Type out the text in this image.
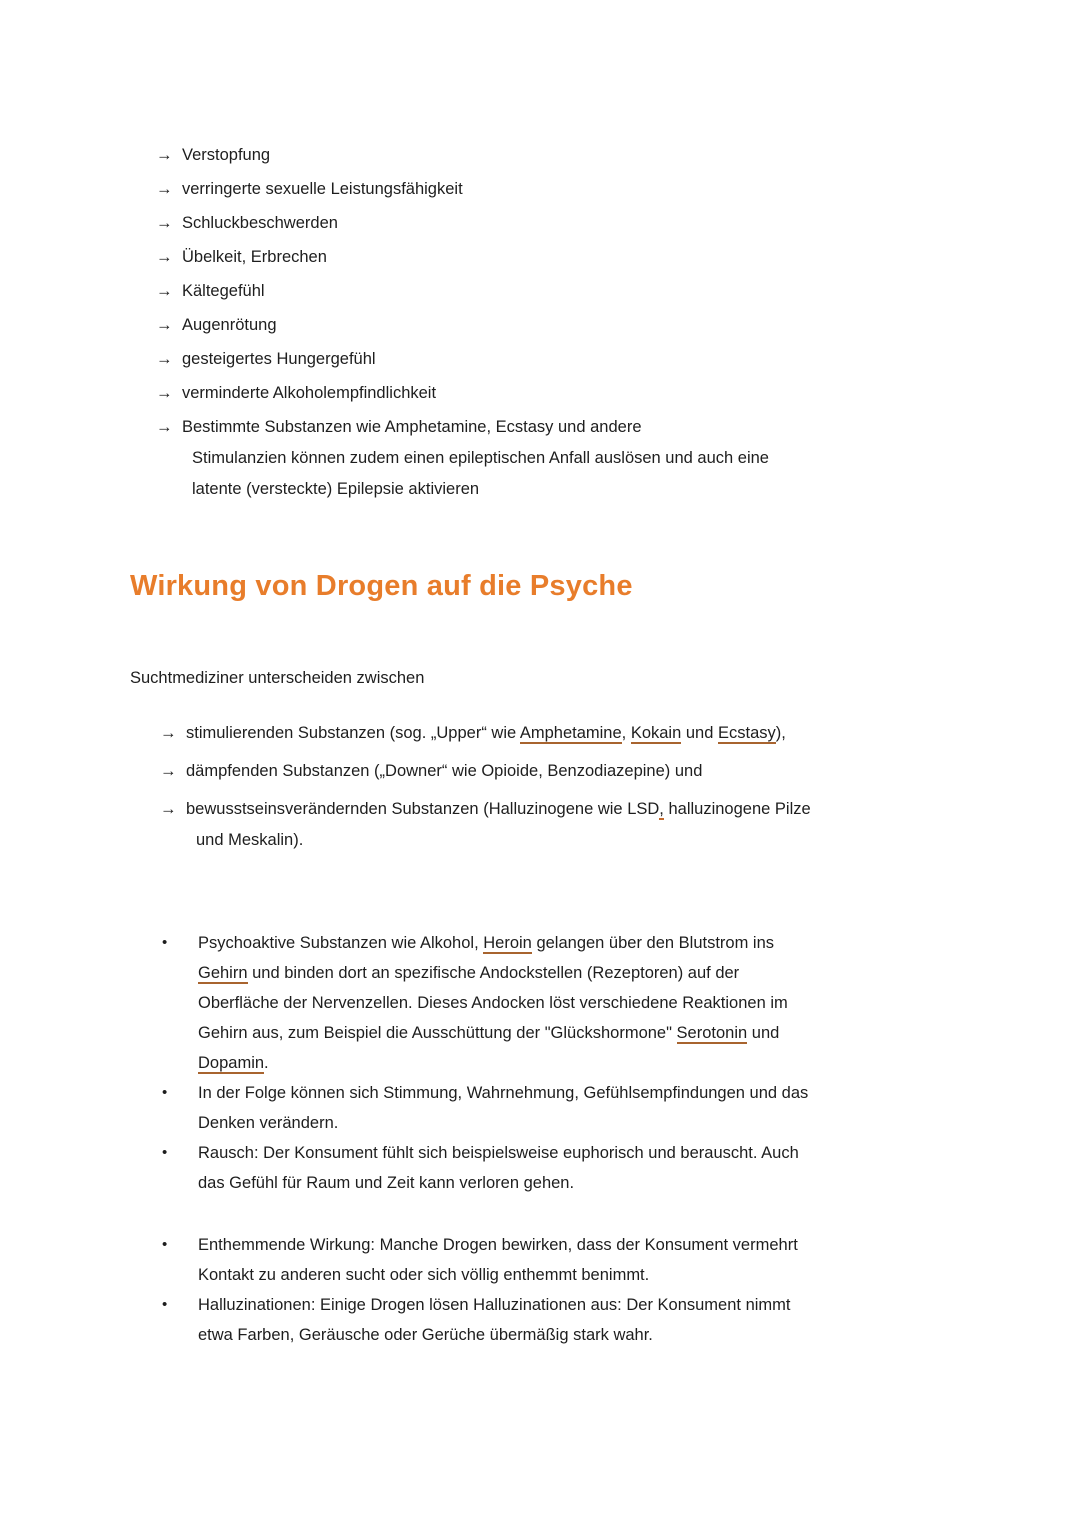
→ Verstopfung
→ verringerte sexuelle Leistungsfähigkeit
→ Schluckbeschwerden
→ Übelkeit, Erbrechen
→ Kältegefühl
→ Augenrötung
→ gesteigertes Hungergefühl
→ verminderte Alkoholempfindlichkeit
→ Bestimmte Substanzen wie Amphetamine, Ecstasy und andere
Stimulanzien können zudem einen epileptischen Anfall auslösen und auch eine
latente (versteckte) Epilepsie aktivieren
Wirkung von Drogen auf die Psyche

Suchtmediziner unterscheiden zwischen

→ stimulierenden Substanzen (sog. „Upper“ wie Amphetamine, Kokain und Ecstasy),
→ dämpfenden Substanzen („Downer“ wie Opioide, Benzodiazepine) und
→ bewusstseinsverändernden Substanzen (Halluzinogene wie LSD, halluzinogene Pilze
und Meskalin).
•	Psychoaktive Substanzen wie Alkohol, Heroin gelangen über den Blutstrom ins
Gehirn und binden dort an spezifische Andockstellen (Rezeptoren) auf der
Oberfläche der Nervenzellen. Dieses Andocken löst verschiedene Reaktionen im
Gehirn aus, zum Beispiel die Ausschüttung der "Glückshormone" Serotonin und
Dopamin.
•	In der Folge können sich Stimmung, Wahrnehmung, Gefühlsempfindungen und das
Denken verändern.
•	Rausch: Der Konsument fühlt sich beispielsweise euphorisch und berauscht. Auch
das Gefühl für Raum und Zeit kann verloren gehen.
•	Enthemmende Wirkung: Manche Drogen bewirken, dass der Konsument vermehrt
Kontakt zu anderen sucht oder sich völlig enthemmt benimmt.
•	Halluzinationen: Einige Drogen lösen Halluzinationen aus: Der Konsument nimmt
etwa Farben, Geräusche oder Gerüche übermäßig stark wahr.
